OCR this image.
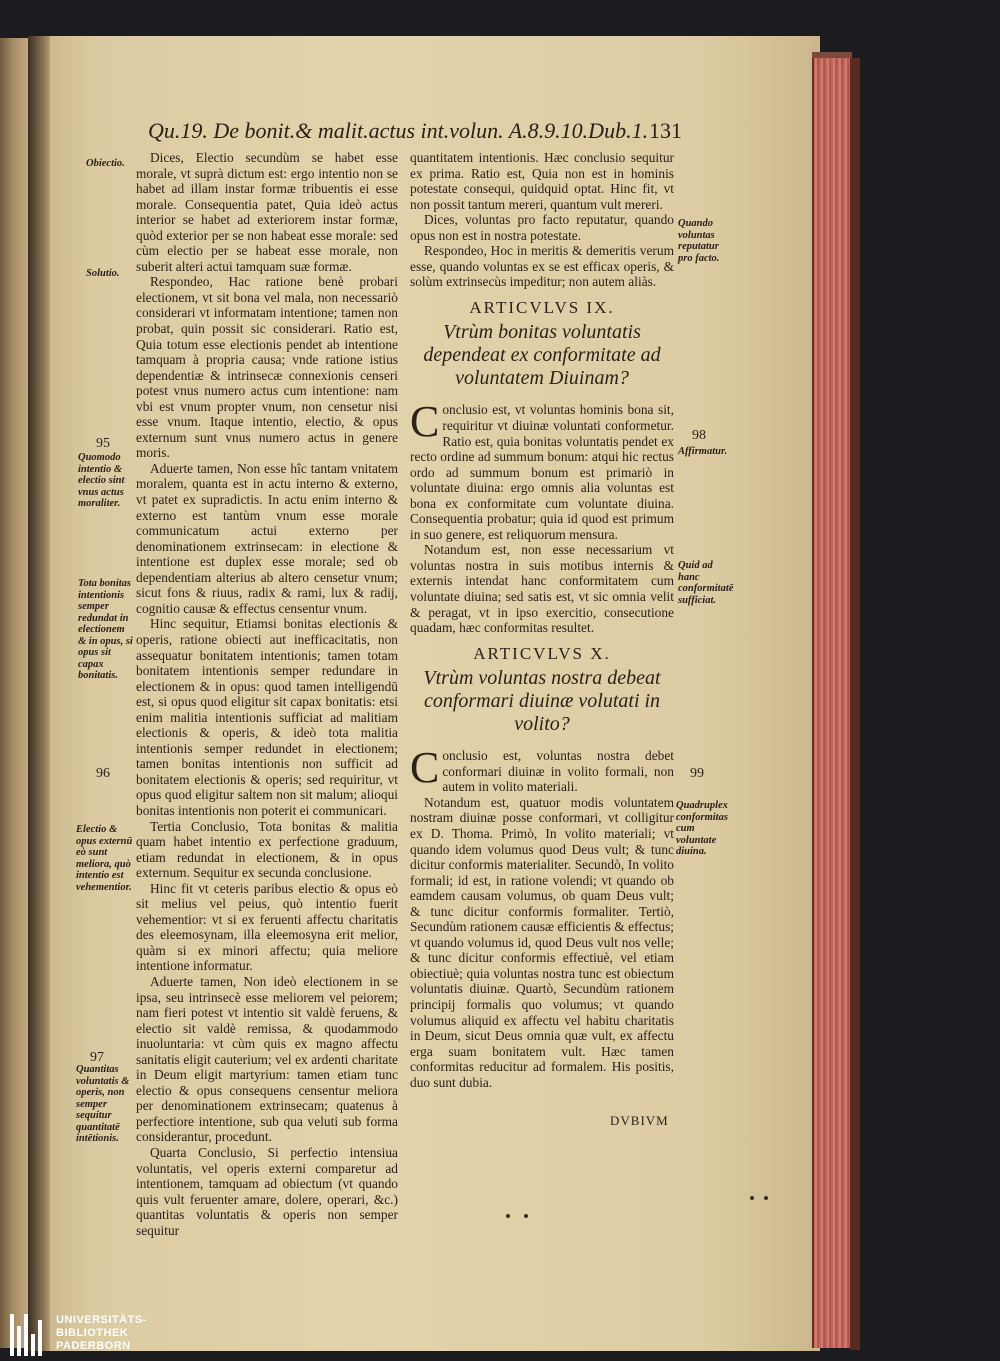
Qu.19. De bonit.& malit.actus int.volun. A.8.9.10.Dub.1. 131
Obiectio.
Solutio.
95
Quomodo intentio & electio sint vnus actus moraliter.
Tota bonitas intentionis semper redundat in electionem & in opus, si opus sit capax bonitatis.
96
Electio & opus externū eò sunt meliora, quò intentio est vehementior.
97
Quantitas voluntatis & operis, non semper sequitur quantitatē intētionis.
Quando voluntas reputatur pro facto.
98
Affirmatur.
Quid ad hanc conformitatē sufficiat.
99
Quadruplex conformitas cum voluntate diuina.

Dices, Electio secundùm se habet esse morale, vt suprà dictum est: ergo intentio non se habet ad illam instar formæ tribuentis ei esse morale. Consequentia patet, Quia ideò actus interior se habet ad exteriorem instar formæ, quòd exterior per se non habeat esse morale: sed cùm electio per se habeat esse morale, non suberit alteri actui tamquam suæ formæ.

Respondeo, Hac ratione benè probari electionem, vt sit bona vel mala, non necessariò considerari vt informatam intentione; tamen non probat, quin possit sic considerari. Ratio est, Quia totum esse electionis pendet ab intentione tamquam à propria causa; vnde ratione istius dependentiæ & intrinsecæ connexionis censeri potest vnus numero actus cum intentione: nam vbi est vnum propter vnum, non censetur nisi esse vnum. Itaque intentio, electio, & opus externum sunt vnus numero actus in genere moris.

Aduerte tamen, Non esse hîc tantam vnitatem moralem, quanta est in actu interno & externo, vt patet ex supradictis. In actu enim interno & externo est tantùm vnum esse morale communicatum actui externo per denominationem extrinsecam: in electione & intentione est duplex esse morale; sed ob dependentiam alterius ab altero censetur vnum; sicut fons & riuus, radix & rami, lux & radij, cognitio causæ & effectus censentur vnum.

Hinc sequitur, Etiamsi bonitas electionis & operis, ratione obiecti aut inefficacitatis, non assequatur bonitatem intentionis; tamen totam bonitatem intentionis semper redundare in electionem & in opus: quod tamen intelligendū est, si opus quod eligitur sit capax bonitatis: etsi enim malitia intentionis sufficiat ad malitiam electionis & operis, & ideò tota malitia intentionis semper redundet in electionem; tamen bonitas intentionis non sufficit ad bonitatem electionis & operis; sed requiritur, vt opus quod eligitur saltem non sit malum; alioqui bonitas intentionis non poterit ei communicari.

Tertia Conclusio, Tota bonitas & malitia quam habet intentio ex perfectione graduum, etiam redundat in electionem, & in opus externum. Sequitur ex secunda conclusione.

Hinc fit vt ceteris paribus electio & opus eò sit melius vel peius, quò intentio fuerit vehementior: vt si ex feruenti affectu charitatis des eleemosynam, illa eleemosyna erit melior, quàm si ex minori affectu; quia meliore intentione informatur.

Aduerte tamen, Non ideò electionem in se ipsa, seu intrinsecè esse meliorem vel peiorem; nam fieri potest vt intentio sit valdè feruens, & electio sit valdè remissa, & quodammodo inuoluntaria: vt cùm quis ex magno affectu sanitatis eligit cauterium; vel ex ardenti charitate in Deum eligit martyrium: tamen etiam tunc electio & opus consequens censentur meliora per denominationem extrinsecam; quatenus à perfectiore intentione, sub qua veluti sub forma considerantur, procedunt.

Quarta Conclusio, Si perfectio intensiua voluntatis, vel operis externi comparetur ad intentionem, tamquam ad obiectum (vt quando quis vult feruenter amare, dolere, operari, &c.) quantitas voluntatis & operis non semper sequitur

quantitatem intentionis. Hæc conclusio sequitur ex prima. Ratio est, Quia non est in hominis potestate consequi, quidquid optat. Hinc fit, vt non possit tantum mereri, quantum vult mereri.

Dices, voluntas pro facto reputatur, quando opus non est in nostra potestate.

Respondeo, Hoc in meritis & demeritis verum esse, quando voluntas ex se est efficax operis, & solùm extrinsecùs impeditur; non autem aliàs.

ARTICVLVS IX.
Vtrùm bonitas voluntatis dependeat ex conformitate ad voluntatem Diuinam?

Conclusio est, vt voluntas hominis bona sit, requiritur vt diuinæ voluntati conformetur. Ratio est, quia bonitas voluntatis pendet ex recto ordine ad summum bonum: atqui hic rectus ordo ad summum bonum est primariò in voluntate diuina: ergo omnis alia voluntas est bona ex conformitate cum voluntate diuina. Consequentia probatur; quia id quod est primum in suo genere, est reliquorum mensura.

Notandum est, non esse necessarium vt voluntas nostra in suis motibus internis & externis intendat hanc conformitatem cum voluntate diuina; sed satis est, vt sic omnia velit & peragat, vt in ipso exercitio, consecutione quadam, hæc conformitas resultet.

ARTICVLVS X.
Vtrùm voluntas nostra debeat conformari diuinæ volutati in volito?

Conclusio est, voluntas nostra debet conformari diuinæ in volito formali, non autem in volito materiali.

Notandum est, quatuor modis voluntatem nostram diuinæ posse conformari, vt colligitur ex D. Thoma. Primò, In volito materiali; vt quando idem volumus quod Deus vult; & tunc dicitur conformis materialiter. Secundò, In volito formali; id est, in ratione volendi; vt quando ob eamdem causam volumus, ob quam Deus vult; & tunc dicitur conformis formaliter. Tertiò, Secundùm rationem causæ efficientis & effectus; vt quando volumus id, quod Deus vult nos velle; & tunc dicitur conformis effectiuè, vel etiam obiectiuè; quia voluntas nostra tunc est obiectum voluntatis diuinæ. Quartò, Secundùm rationem principij formalis quo volumus; vt quando volumus aliquid ex affectu vel habitu charitatis in Deum, sicut Deus omnia quæ vult, ex affectu erga suam bonitatem vult. Hæc tamen conformitas reducitur ad formalem. His positis, duo sunt dubia.

DVBIVM
UNIVERSITÄTS-
BIBLIOTHEK
PADERBORN
